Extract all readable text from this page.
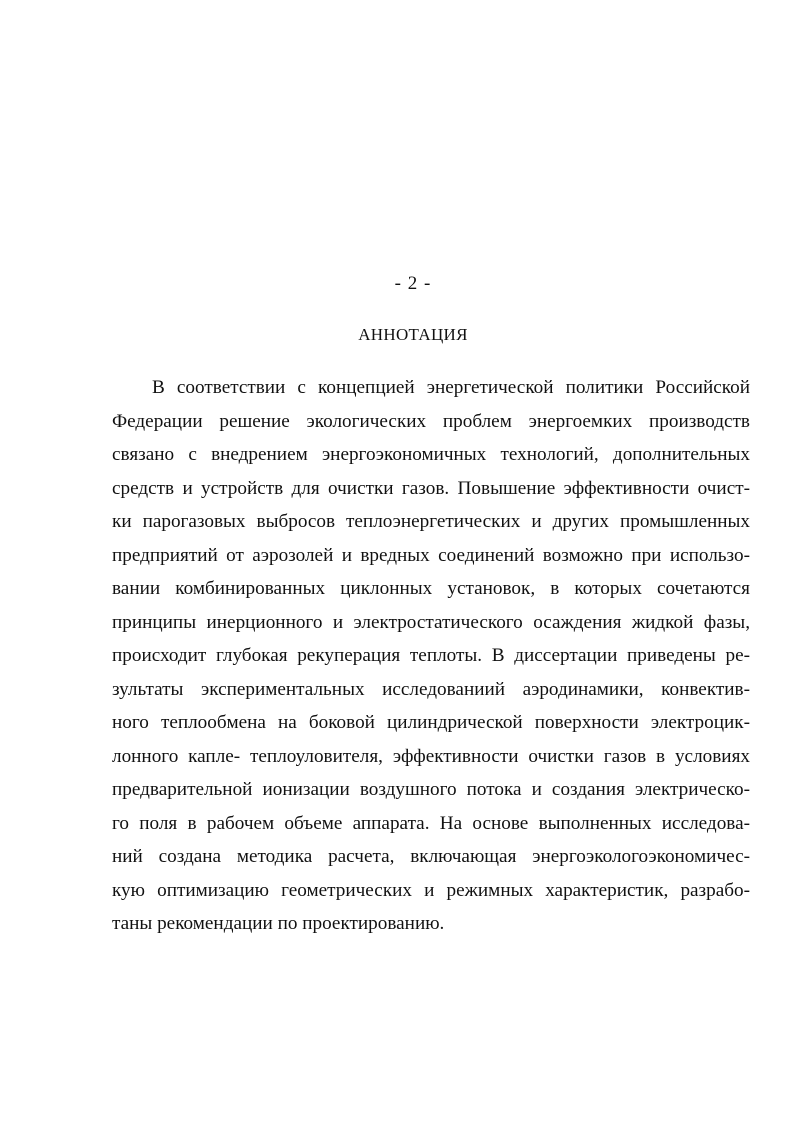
- 2 -
АННОТАЦИЯ
В соответствии с концепцией энергетической политики Российской
Федерации решение экологических проблем энергоемких производств
связано с внедрением энергоэкономичных технологий, дополнительных
средств и устройств для очистки газов. Повышение эффективности очист-
ки парогазовых выбросов теплоэнергетических и других промышленных
предприятий от аэрозолей и вредных соединений возможно при использо-
вании комбинированных циклонных установок, в которых сочетаются
принципы инерционного и электростатического осаждения жидкой фазы,
происходит глубокая рекуперация теплоты. В диссертации приведены ре-
зультаты экспериментальных исследованиий аэродинамики, конвектив-
ного теплообмена на боковой цилиндрической поверхности электроцик-
лонного капле- теплоуловителя, эффективности очистки газов в условиях
предварительной ионизации воздушного потока и создания электрическо-
го поля в рабочем объеме аппарата. На основе выполненных исследова-
ний создана методика расчета, включающая энергоэкологоэкономичес-
кую оптимизацию геометрических и режимных характеристик, разрабо-
таны рекомендации по проектированию.
